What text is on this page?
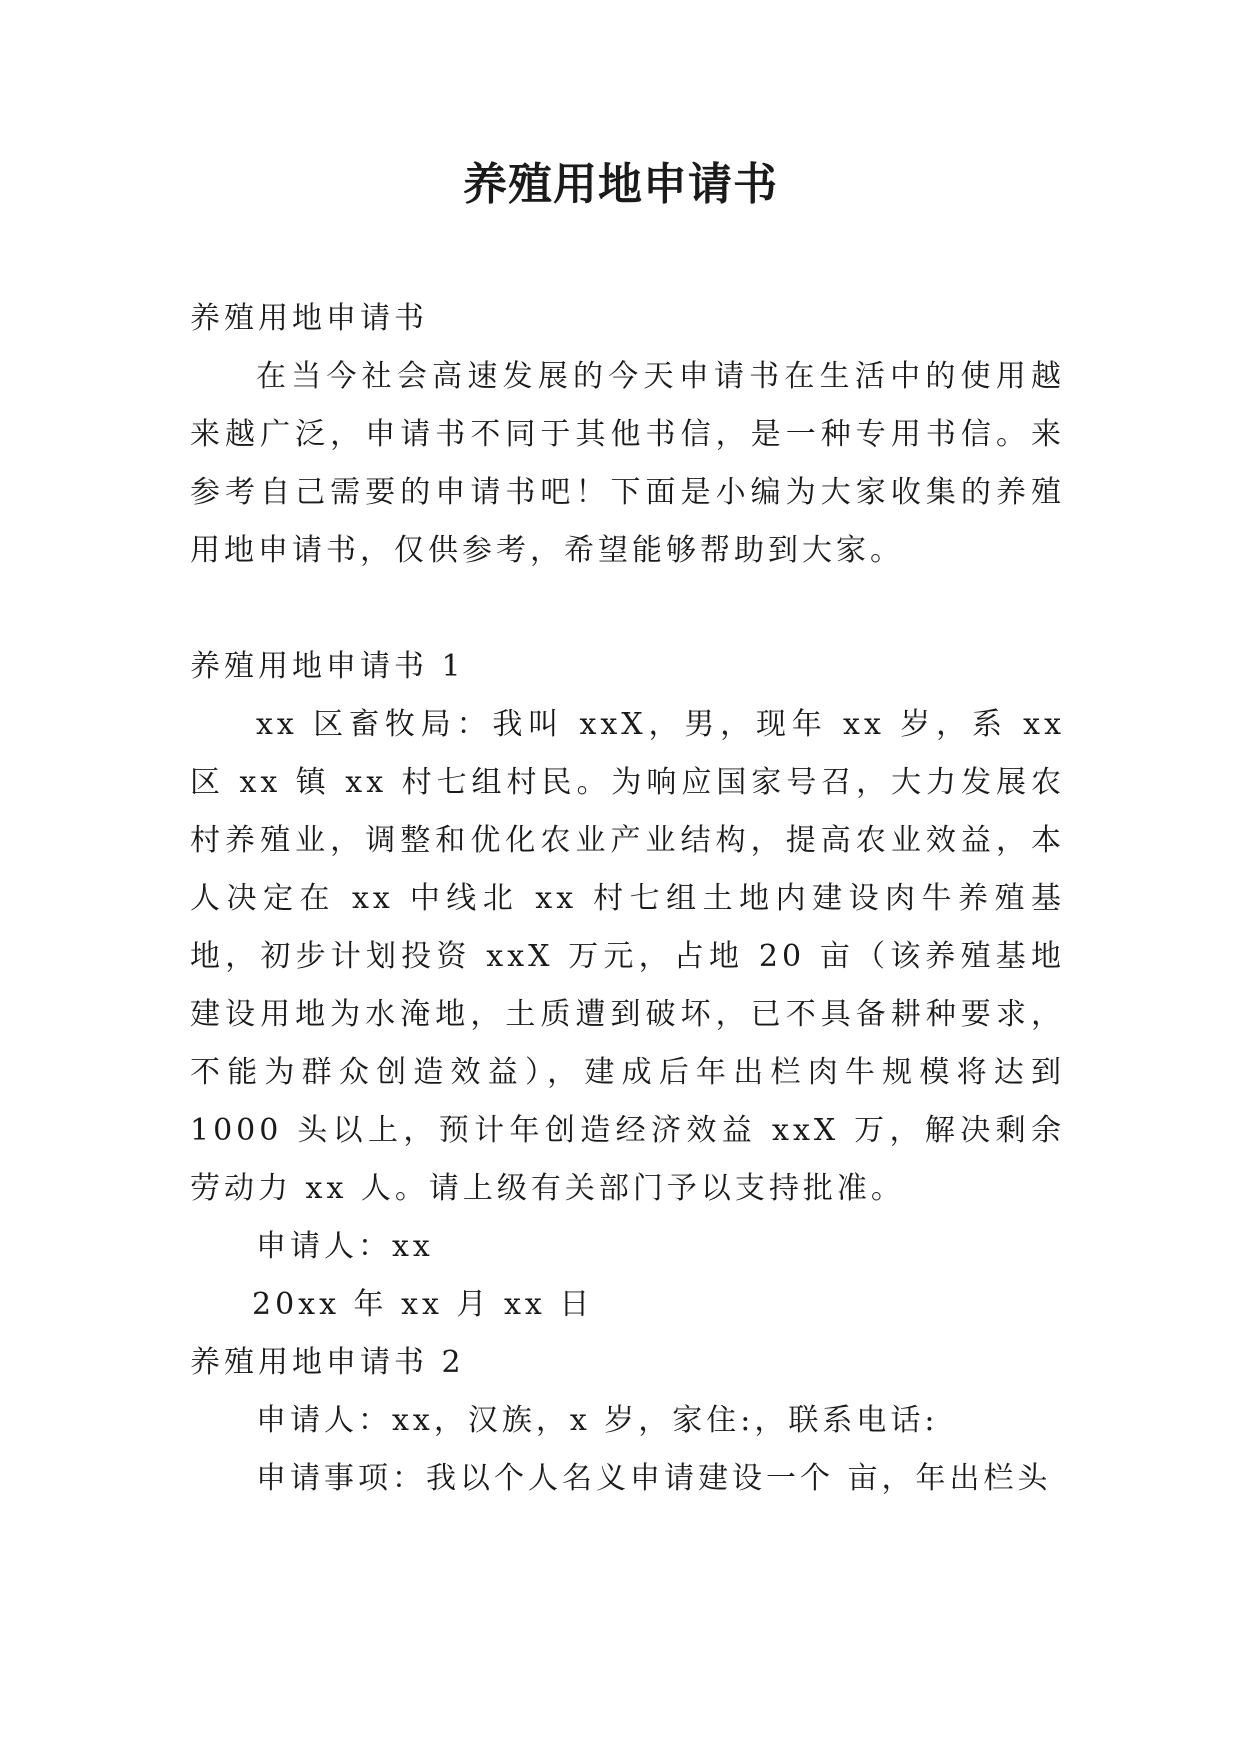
养殖用地申请书

养殖用地申请书

在当今社会高速发展的今天申请书在生活中的使用越来越广泛，申请书不同于其他书信，是一种专用书信。来参考自己需要的申请书吧！下面是小编为大家收集的养殖用地申请书，仅供参考，希望能够帮助到大家。

养殖用地申请书 1

xx 区畜牧局：我叫 xxX，男，现年 xx 岁，系 xx 区 xx 镇 xx 村七组村民。为响应国家号召，大力发展农村养殖业，调整和优化农业产业结构，提高农业效益，本人决定在 xx 中线北 xx 村七组土地内建设肉牛养殖基地，初步计划投资 xxX 万元，占地 20 亩（该养殖基地建设用地为水淹地，土质遭到破坏，已不具备耕种要求，不能为群众创造效益），建成后年出栏肉牛规模将达到 1000 头以上，预计年创造经济效益 xxX 万，解决剩余劳动力 xx 人。请上级有关部门予以支持批准。

申请人：xx

20xx 年 xx 月 xx 日

养殖用地申请书 2

申请人：xx，汉族，x 岁，家住:，联系电话:

申请事项：我以个人名义申请建设一个 亩，年出栏头
